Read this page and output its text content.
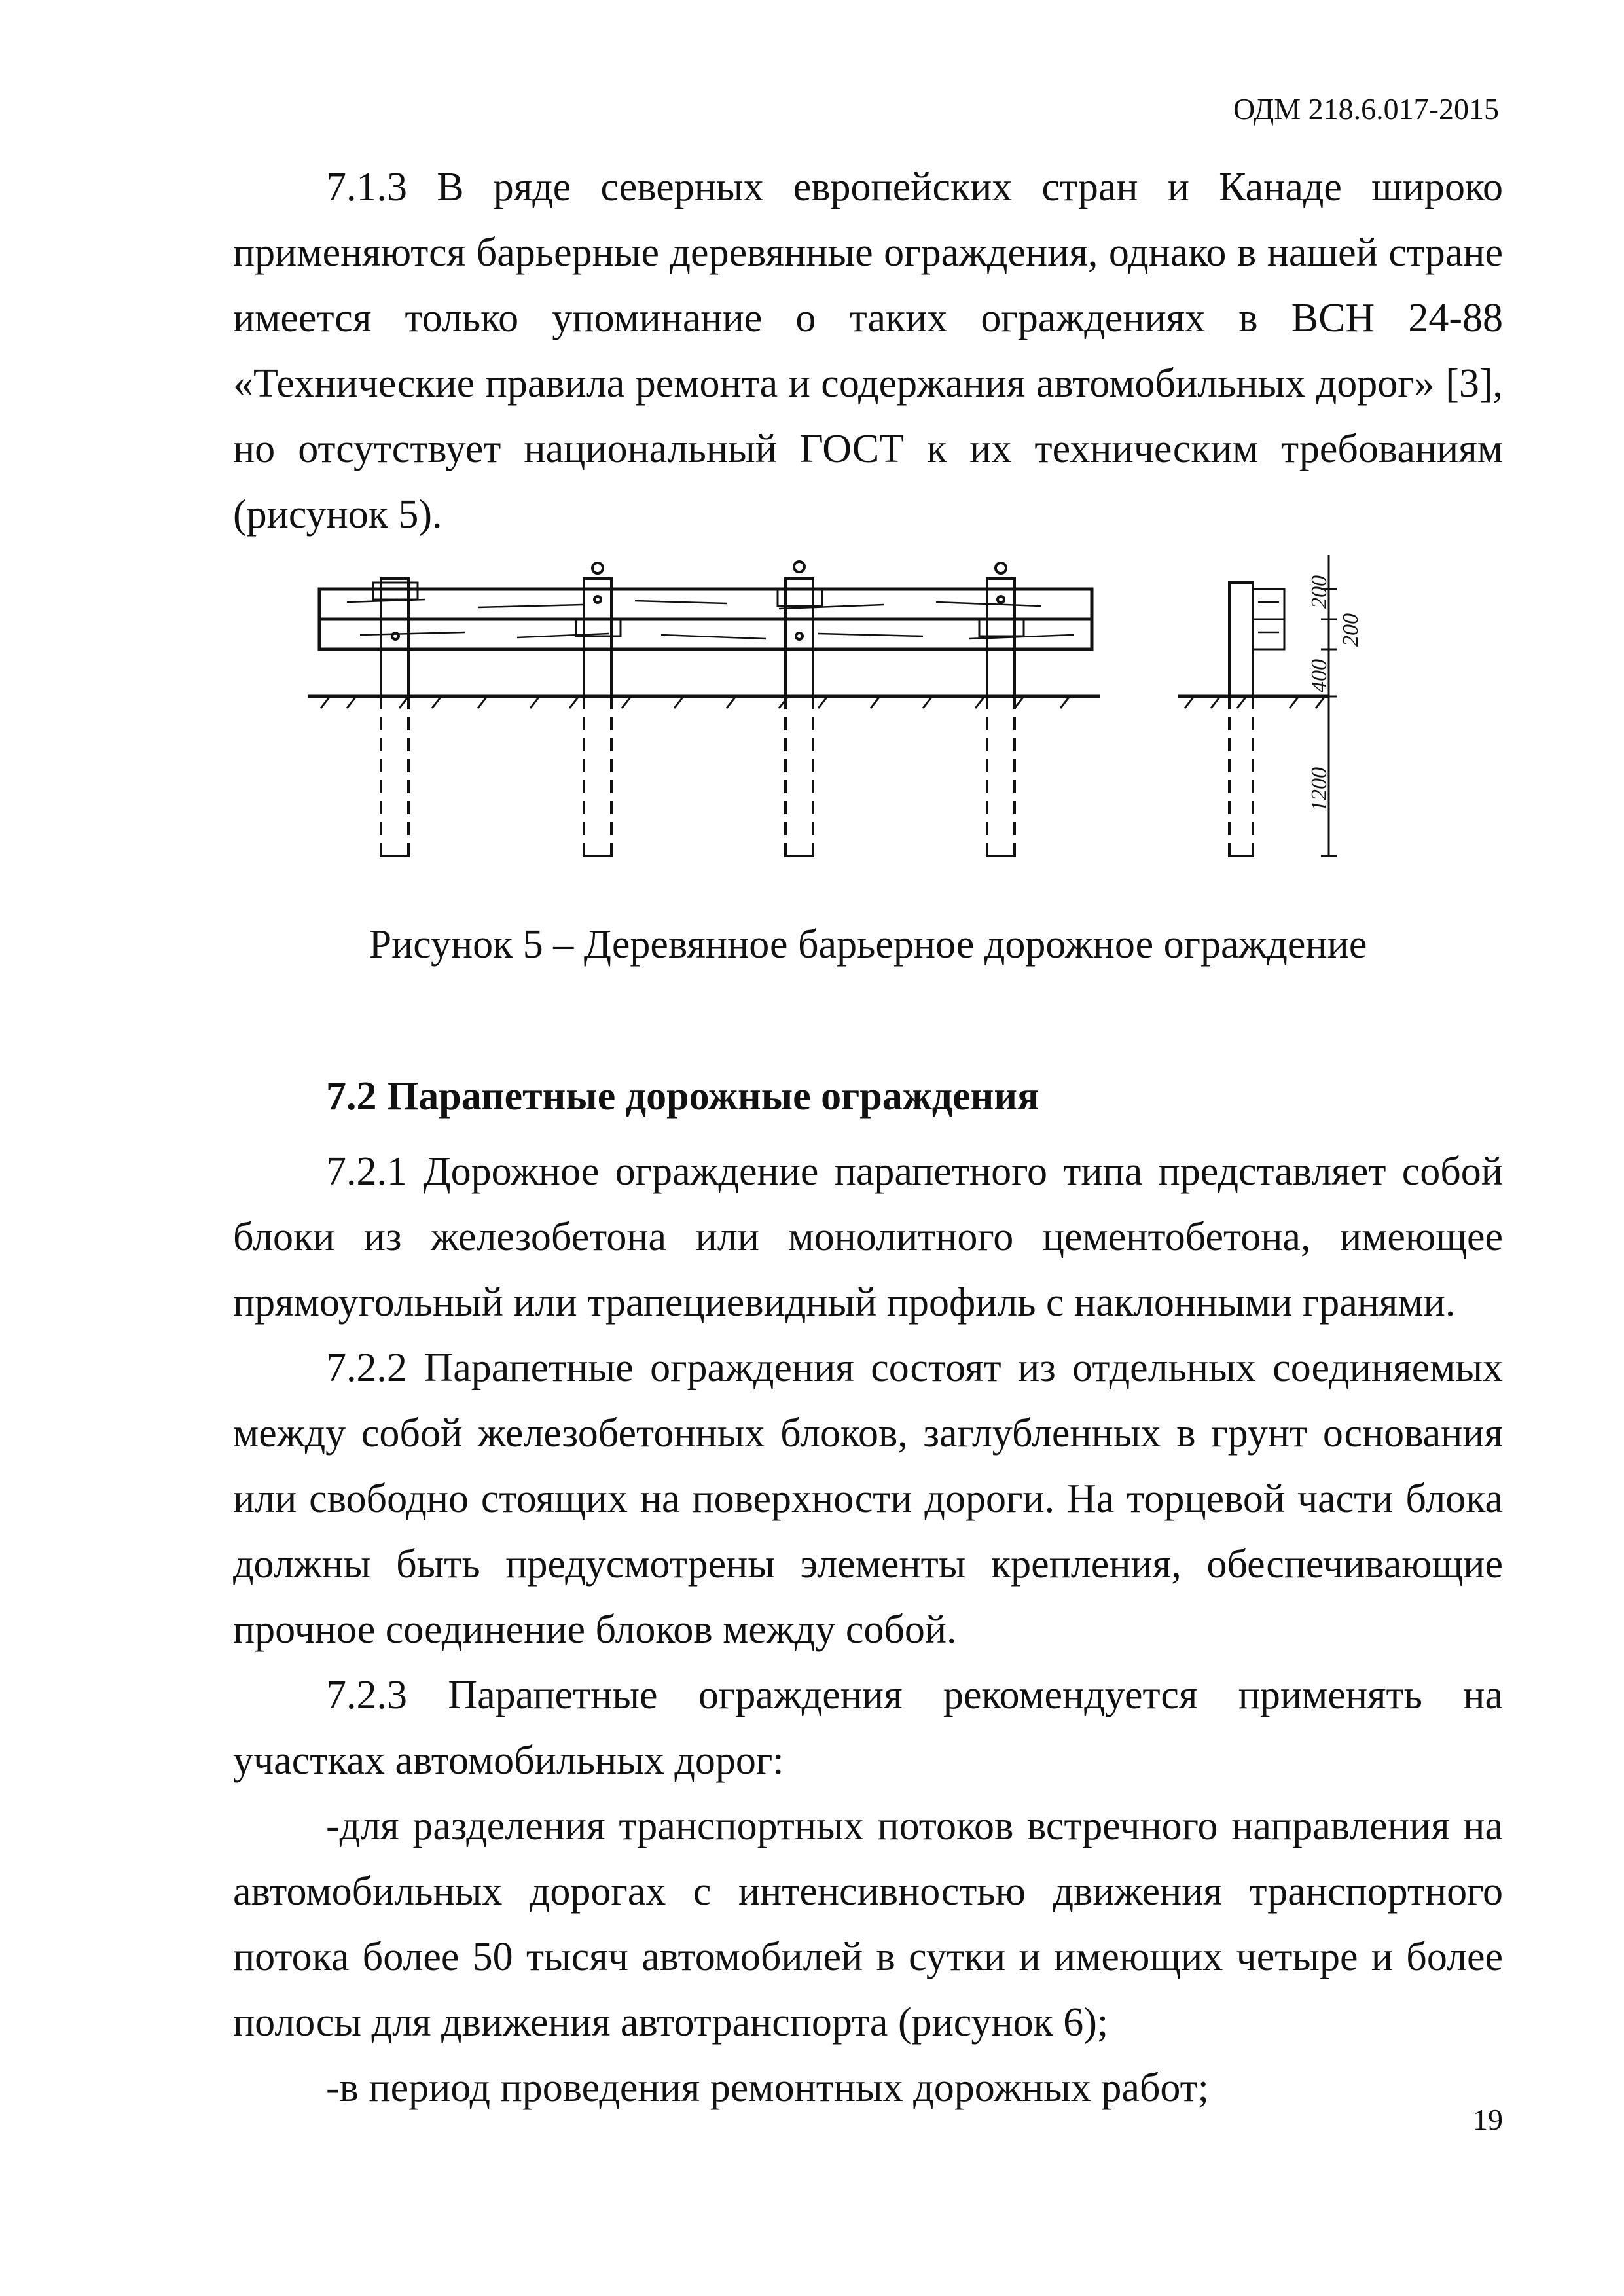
ОДМ 218.6.017-2015

7.1.3 В ряде северных европейских стран и Канаде широко применяются барьерные деревянные ограждения, однако в нашей стране имеется только упоминание о таких ограждениях в ВСН 24-88 «Технические правила ремонта и содержания автомобильных дорог» [3], но отсутствует национальный ГОСТ к их техническим требованиям (рисунок 5).

200
200
400
1200
Рисунок 5 – Деревянное барьерное дорожное ограждение
7.2 Парапетные дорожные ограждения

7.2.1 Дорожное ограждение парапетного типа представляет собой блоки из железобетона или монолитного цементобетона, имеющее прямоугольный или трапециевидный профиль с наклонными гранями.

7.2.2 Парапетные ограждения состоят из отдельных соединяемых между собой железобетонных блоков, заглубленных в грунт основания или свободно стоящих на поверхности дороги. На торцевой части блока должны быть предусмотрены элементы крепления, обеспечивающие прочное соединение блоков между собой.

7.2.3 Парапетные ограждения рекомендуется применять на участках автомобильных дорог:

-для разделения транспортных потоков встречного направления на автомобильных дорогах с интенсивностью движения транспортного потока более 50 тысяч автомобилей в сутки и имеющих четыре и более полосы для движения автотранспорта (рисунок 6);

-в период проведения ремонтных дорожных работ;

19
